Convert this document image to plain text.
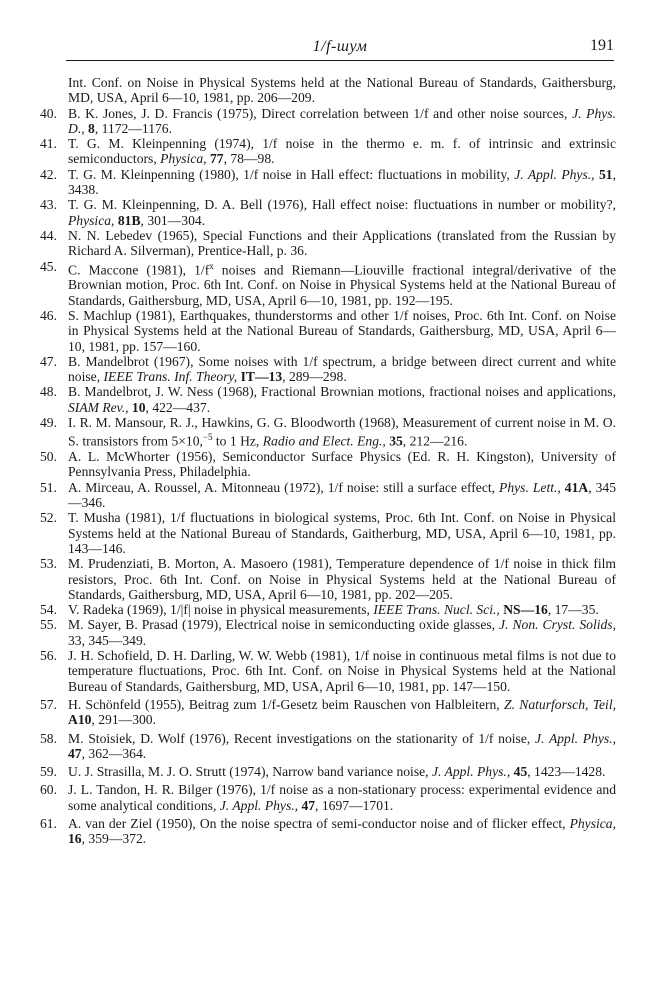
1/f-шум	191
Int. Conf. on Noise in Physical Systems held at the National Bureau of Standards, Gaithersburg, MD, USA, April 6—10, 1981, pp. 206—209.
40. B. K. Jones, J. D. Francis (1975), Direct correlation between 1/f and other noise sources, J. Phys. D., 8, 1172—1176.
41. T. G. M. Kleinpenning (1974), 1/f noise in the thermo e. m. f. of intrinsic and extrinsic semiconductors, Physica, 77, 78—98.
42. T. G. M. Kleinpenning (1980), 1/f noise in Hall effect: fluctuations in mobility, J. Appl. Phys., 51, 3438.
43. T. G. M. Kleinpenning, D. A. Bell (1976), Hall effect noise: fluctuations in number or mobility?, Physica, 81B, 301—304.
44. N. N. Lebedev (1965), Special Functions and their Applications (translated from the Russian by Richard A. Silverman), Prentice-Hall, p. 36.
45. C. Maccone (1981), $1/f^x$ noises and Riemann—Liouville fractional integral/derivative of the Brownian motion, Proc. 6th Int. Conf. on Noise in Physical Systems held at the National Bureau of Standards, Gaithersburg, MD, USA, April 6—10, 1981, pp. 192—195.
46. S. Machlup (1981), Earthquakes, thunderstorms and other 1/f noises, Proc. 6th Int. Conf. on Noise in Physical Systems held at the National Bureau of Standards, Gaithersburg, MD, USA, April 6—10, 1981, pp. 157—160.
47. B. Mandelbrot (1967), Some noises with 1/f spectrum, a bridge between direct current and white noise, IEEE Trans. Inf. Theory, IT—13, 289—298.
48. B. Mandelbrot, J. W. Ness (1968), Fractional Brownian motions, fractional noises and applications, SIAM Rev., 10, 422—437.
49. I. R. M. Mansour, R. J., Hawkins, G. G. Bloodworth (1968), Measurement of current noise in M. O. S. transistors from 5×10,$^{-5}$ to 1 Hz, Radio and Elect. Eng., 35, 212—216.
50. A. L. McWhorter (1956), Semiconductor Surface Physics (Ed. R. H. Kingston), University of Pennsylvania Press, Philadelphia.
51. A. Mirceau, A. Roussel, A. Mitonneau (1972), 1/f noise: still a surface effect, Phys. Lett., 41A, 345—346.
52. T. Musha (1981), 1/f fluctuations in biological systems, Proc. 6th Int. Conf. on Noise in Physical Systems held at the National Bureau of Standards, Gaitherburg, MD, USA, April 6—10, 1981, pp. 143—146.
53. M. Prudenziati, B. Morton, A. Masoero (1981), Temperature dependence of 1/f noise in thick film resistors, Proc. 6th Int. Conf. on Noise in Physical Systems held at the National Bureau of Standards, Gaithersburg, MD, USA, April 6—10, 1981, pp. 202—205.
54. V. Radeka (1969), 1/|f| noise in physical measurements, IEEE Trans. Nucl. Sci., NS—16, 17—35.
55. M. Sayer, B. Prasad (1979), Electrical noise in semiconducting oxide glasses, J. Non. Cryst. Solids, 33, 345—349.
56. J. H. Schofield, D. H. Darling, W. W. Webb (1981), 1/f noise in continuous metal films is not due to temperature fluctuations, Proc. 6th Int. Conf. on Noise in Physical Systems held at the National Bureau of Standards, Gaithersburg, MD, USA, April 6—10, 1981, pp. 147—150.
57. H. Schönfeld (1955), Beitrag zum 1/f-Gesetz beim Rauschen von Halbleitern, Z. Naturforsch, Teil, A10, 291—300.
58. M. Stoisiek, D. Wolf (1976), Recent investigations on the stationarity of 1/f noise, J. Appl. Phys., 47, 362—364.
59. U. J. Strasilla, M. J. O. Strutt (1974), Narrow band variance noise, J. Appl. Phys., 45, 1423—1428.
60. J. L. Tandon, H. R. Bilger (1976), 1/f noise as a non-stationary process: experimental evidence and some analytical conditions, J. Appl. Phys., 47, 1697—1701.
61. A. van der Ziel (1950), On the noise spectra of semi-conductor noise and of flicker effect, Physica, 16, 359—372.
